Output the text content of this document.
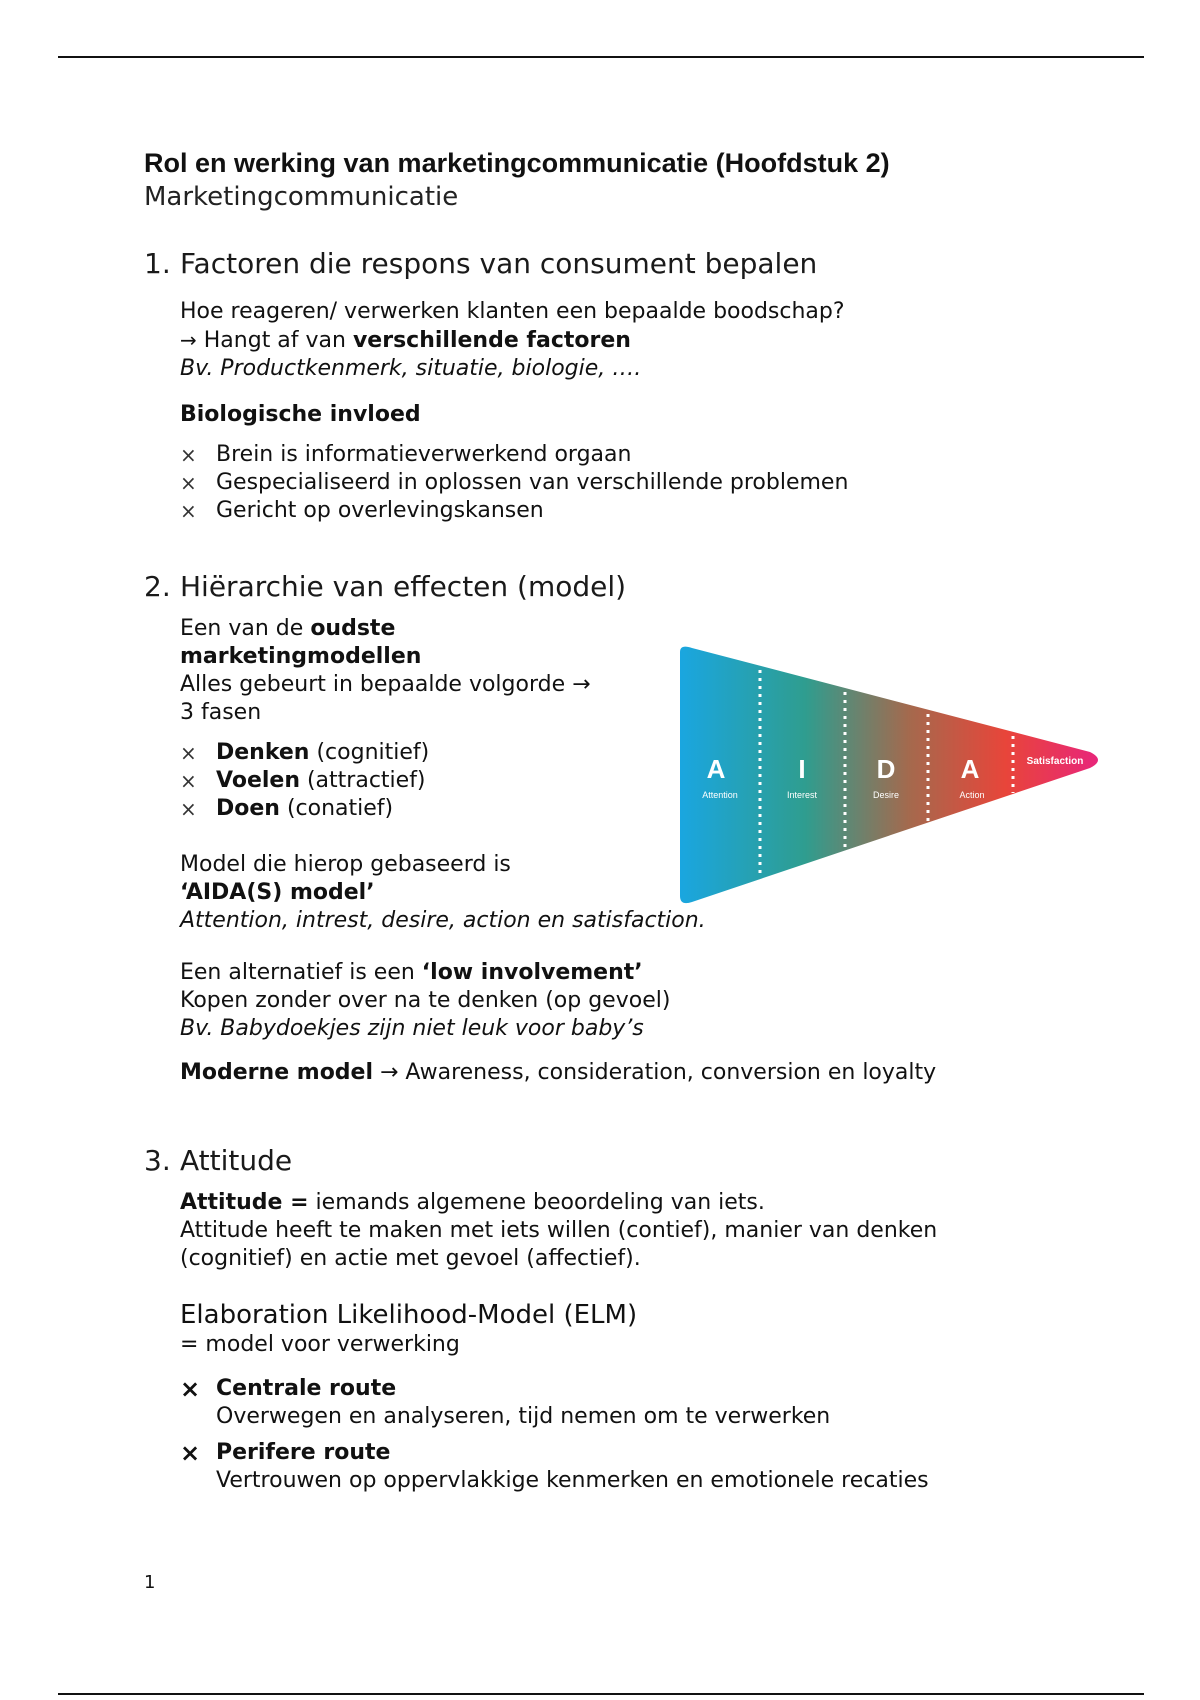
Rol en werking van marketingcommunicatie (Hoofdstuk 2)

Marketingcommunicatie

1. Factoren die respons van consument bepalen

Hoe reageren/ verwerken klanten een bepaalde boodschap?

→ Hangt af van verschillende factoren

Bv. Productkenmerk, situatie, biologie, ….

Biologische invloed

× Brein is informatieverwerkend orgaan
× Gespecialiseerd in oplossen van verschillende problemen
× Gericht op overlevingskansen
2. Hiërarchie van effecten (model)

Een van de oudste

marketingmodellen

Alles gebeurt in bepaalde volgorde →

3 fasen

× Denken (cognitief)
× Voelen (attractief)
× Doen (conatief)

Model die hierop gebaseerd is

‘AIDA(S) model’

Attention, intrest, desire, action en satisfaction.

Een alternatief is een ‘low involvement’

Kopen zonder over na te denken (op gevoel)

Bv. Babydoekjes zijn niet leuk voor baby’s

Moderne model → Awareness, consideration, conversion en loyalty

3. Attitude

Attitude = iemands algemene beoordeling van iets.

Attitude heeft te maken met iets willen (contief), manier van denken

(cognitief) en actie met gevoel (affectief).

Elaboration Likelihood-Model (ELM)

= model voor verwerking

× Centrale route
Overwegen en analyseren, tijd nemen om te verwerken
× Perifere route
Vertrouwen op oppervlakkige kenmerken en emotionele recaties
A
Attention
I
Interest
D
Desire
A
Action
Satisfaction
1
